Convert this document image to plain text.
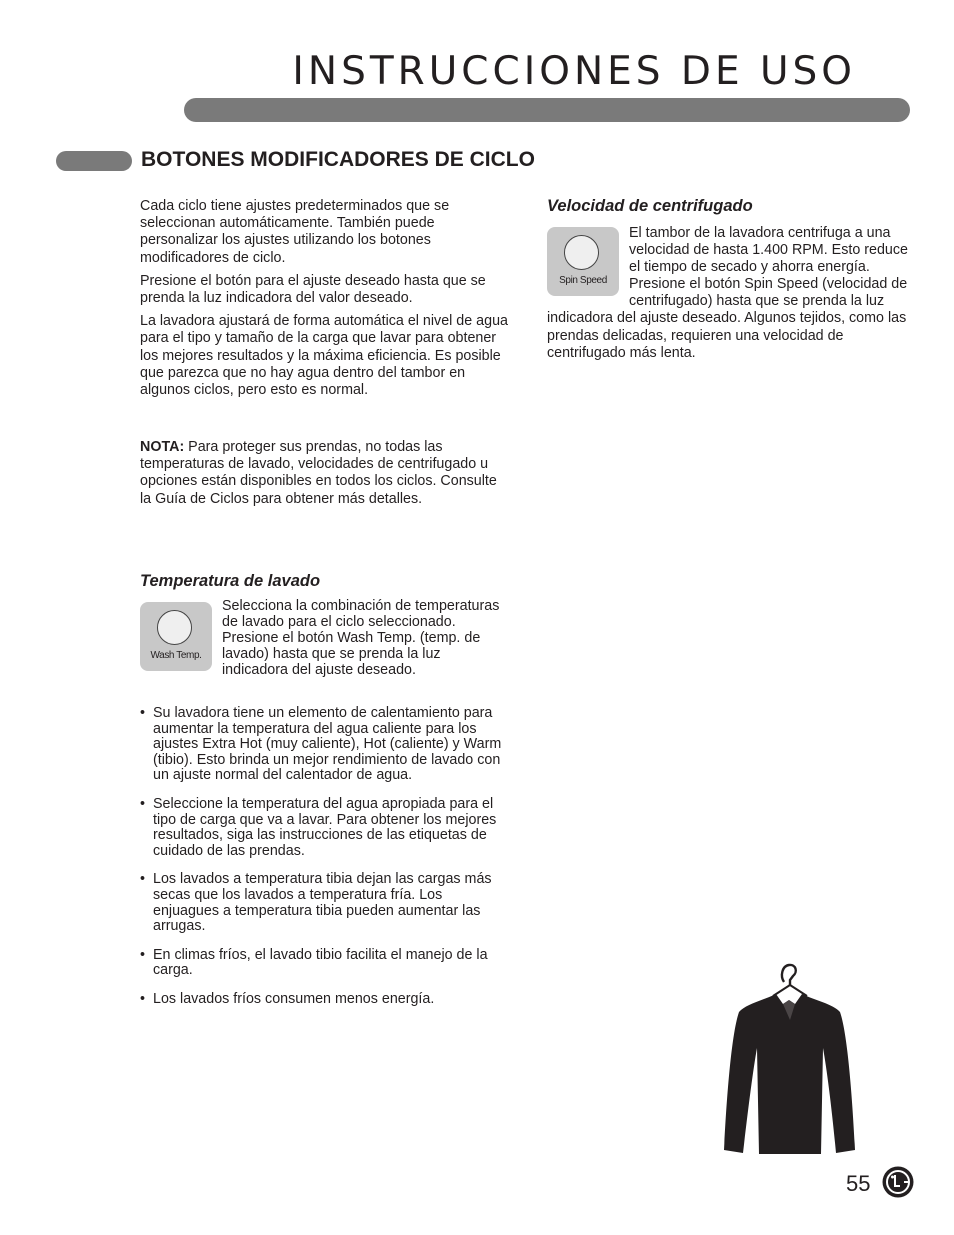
INSTRUCCIONES DE USO
BOTONES MODIFICADORES DE CICLO

Cada ciclo tiene ajustes predeterminados que se seleccionan automáticamente. También puede personalizar los ajustes utilizando los botones modificadores de ciclo.

Presione el botón para el ajuste deseado hasta que se prenda la luz indicadora del valor deseado.

La lavadora ajustará de forma automática el nivel de agua para el tipo y tamaño de la carga que lavar para obtener los mejores resultados y la máxima eficiencia. Es posible que parezca que no hay agua dentro del tambor en algunos ciclos, pero esto es normal.

NOTA: Para proteger sus prendas, no todas las temperaturas de lavado, velocidades de centrifugado u opciones están disponibles en todos los ciclos. Consulte la Guía de Ciclos para obtener más detalles.
Temperatura de lavado
Wash Temp.
Selecciona la combinación de temperaturas de lavado para el ciclo seleccionado. Presione el botón Wash Temp. (temp. de lavado) hasta que se prenda la luz indicadora del ajuste deseado.
• Su lavadora tiene un elemento de calentamiento para aumentar la temperatura del agua caliente para los ajustes Extra Hot (muy caliente), Hot (caliente) y Warm (tibio). Esto brinda un mejor rendimiento de lavado con un ajuste normal del calentador de agua.
• Seleccione la temperatura del agua apropiada para el tipo de carga que va a lavar. Para obtener los mejores resultados, siga las instrucciones de las etiquetas de cuidado de las prendas.
• Los lavados a temperatura tibia dejan las cargas más secas que los lavados a temperatura fría. Los enjuagues a temperatura tibia pueden aumentar las arrugas.
• En climas fríos, el lavado tibio facilita el manejo de la carga.
• Los lavados fríos consumen menos energía.
Velocidad de centrifugado
Spin Speed
El tambor de la lavadora centrifuga a una velocidad de hasta 1.400 RPM. Esto reduce el tiempo de secado y ahorra energía. Presione el botón Spin Speed (velocidad de centrifugado) hasta que se prenda la luz indicadora del ajuste deseado. Algunos tejidos, como las prendas delicadas, requieren una velocidad de centrifugado más lenta.
55
